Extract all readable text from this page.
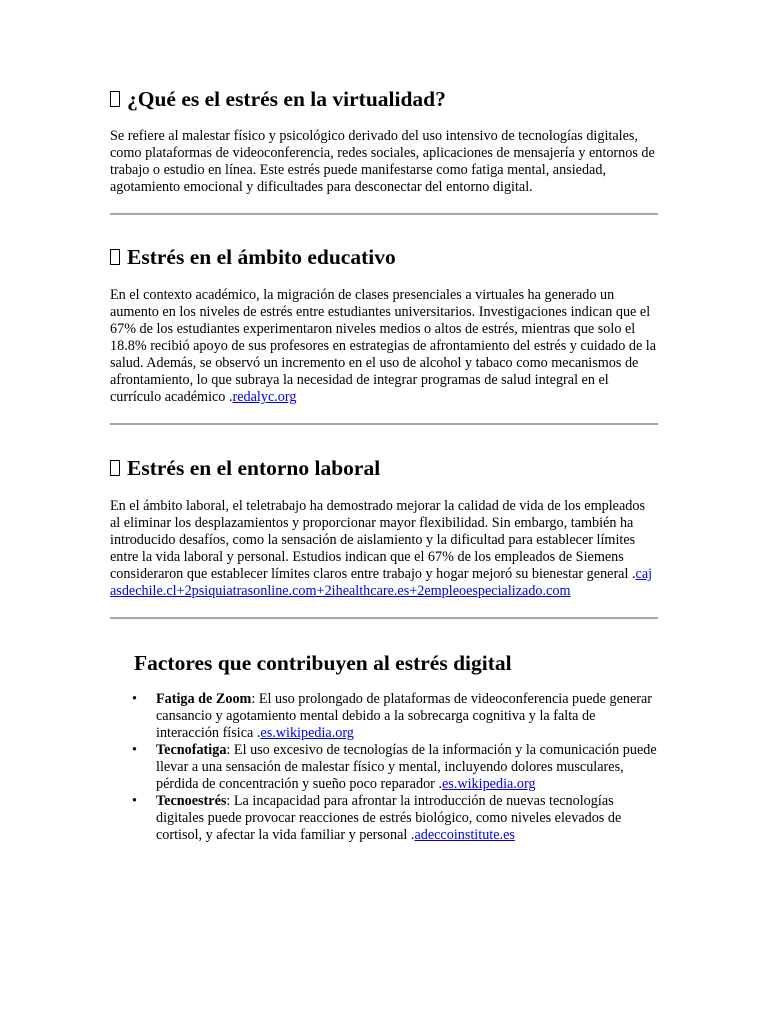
¿Qué es el estrés en la virtualidad?

Se refiere al malestar físico y psicológico derivado del uso intensivo de tecnologías digitales, como plataformas de videoconferencia, redes sociales, aplicaciones de mensajería y entornos de trabajo o estudio en línea. Este estrés puede manifestarse como fatiga mental, ansiedad, agotamiento emocional y dificultades para desconectar del entorno digital.

Estrés en el ámbito educativo

En el contexto académico, la migración de clases presenciales a virtuales ha generado un aumento en los niveles de estrés entre estudiantes universitarios. Investigaciones indican que el 67% de los estudiantes experimentaron niveles medios o altos de estrés, mientras que solo el 18.8% recibió apoyo de sus profesores en estrategias de afrontamiento del estrés y cuidado de la salud. Además, se observó un incremento en el uso de alcohol y tabaco como mecanismos de afrontamiento, lo que subraya la necesidad de integrar programas de salud integral en el currículo académico .redalyc.org

Estrés en el entorno laboral

En el ámbito laboral, el teletrabajo ha demostrado mejorar la calidad de vida de los empleados al eliminar los desplazamientos y proporcionar mayor flexibilidad. Sin embargo, también ha introducido desafíos, como la sensación de aislamiento y la dificultad para establecer límites entre la vida laboral y personal. Estudios indican que el 67% de los empleados de Siemens consideraron que establecer límites claros entre trabajo y hogar mejoró su bienestar general .cajasdechile.cl+2psiquiatrasonline.com+2ihealthcare.es+2empleoespecializado.com

Factores que contribuyen al estrés digital
• Fatiga de Zoom: El uso prolongado de plataformas de videoconferencia puede generar cansancio y agotamiento mental debido a la sobrecarga cognitiva y la falta de interacción física .es.wikipedia.org
• Tecnofatiga: El uso excesivo de tecnologías de la información y la comunicación puede llevar a una sensación de malestar físico y mental, incluyendo dolores musculares, pérdida de concentración y sueño poco reparador .es.wikipedia.org
• Tecnoestrés: La incapacidad para afrontar la introducción de nuevas tecnologías digitales puede provocar reacciones de estrés biológico, como niveles elevados de cortisol, y afectar la vida familiar y personal .adeccoinstitute.es
